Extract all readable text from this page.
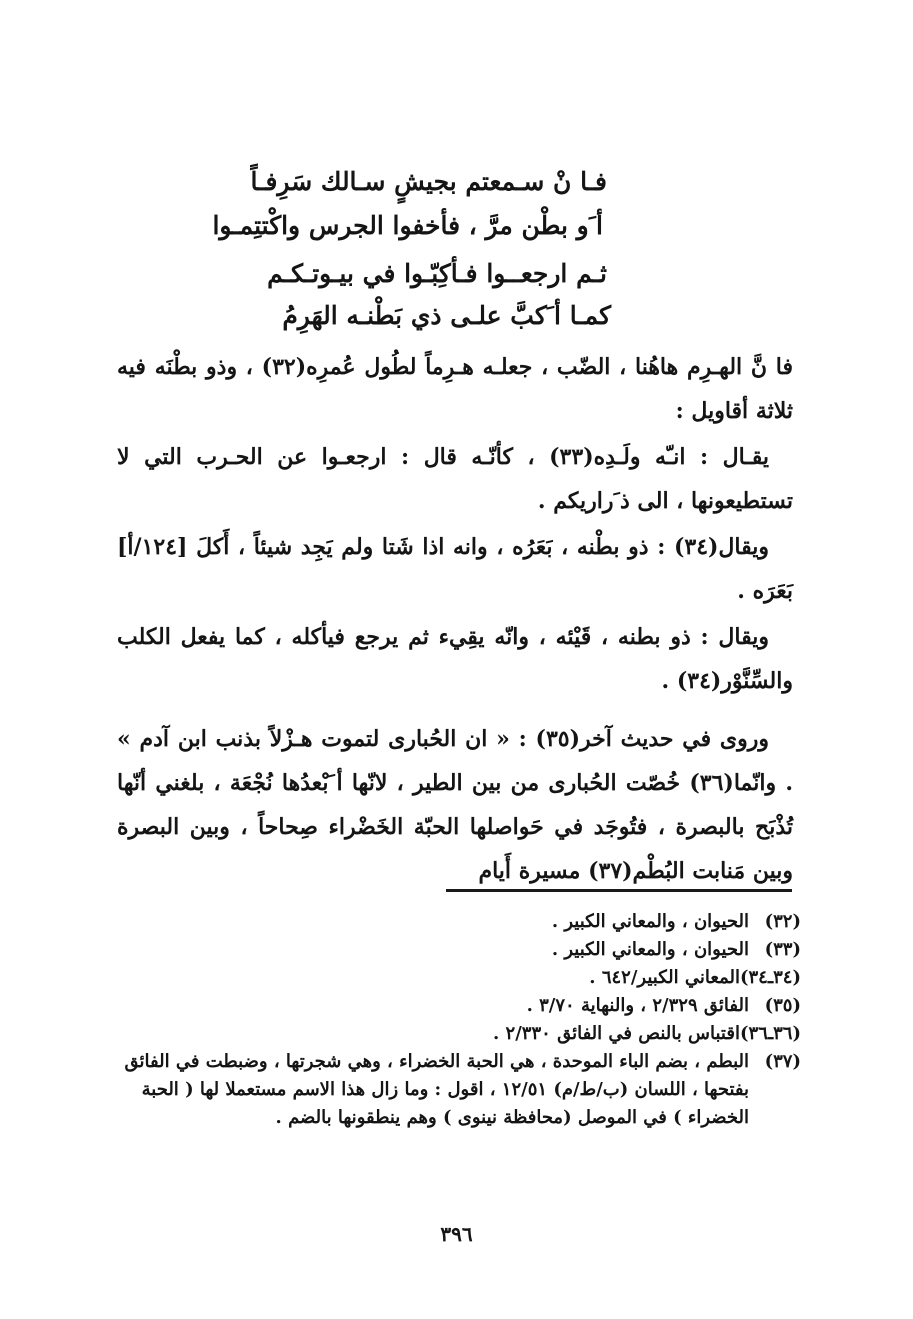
فـا نْ سـمعتم بجيشٍ سـالك سَرِفـاً
أ َو بطْن مرَّ ، فأخفوا الجرس واكْتتِمـوا
ثـم ارجعــوا فـأكِبّـوا في بيـوتـكـم
كمـا أ َكبَّ علـى ذي بَطْنـه الهَرِمُ

فا نَّ الهـرِم هاهُنا ، الضّب ، جعلـه هـرِماً لطُول عُمرِه(٣٢) ، وذو بطْنَه فيه ثلاثة أقاويل :

يقـال : انـّه ولَـدِه(٣٣) ، كأنّـه قال : ارجعـوا عن الحـرب التي لا تستطيعونها ، الى ذ َراريكم .

ويقال(٣٤) : ذو بطْنه ، بَعَرُه ، وانه اذا شَتا ولم يَجِد شيئاً ، أَكلَ [١٢٤/أ] بَعَرَه .

ويقال : ذو بطنه ، قَيْئه ، وانّه يقِيء ثم يرجع فيأكله ، كما يفعل الكلب والسِّنَّوْر(٣٤) .

وروى في حديث آخر(٣٥) : « ان الحُبارى لتموت هـزْلاً بذنب ابن آدم » . وانّما(٣٦) خُصّت الحُبارى من بين الطير ، لانّها أ َبْعدُها نُجْعَة ، بلغني أنّها تُذْبَح بالبصرة ، فتُوجَد في حَواصلها الحبّة الخَضْراء صِحاحاً ، وبين البصرة وبين مَنابت البُطْم(٣٧) مسيرة أَيام

(٣٢)
الحيوان ، والمعاني الكبير .
(٣٣)
الحيوان ، والمعاني الكبير .
(٣٤ـ٣٤)
المعاني الكبير/٦٤٢ .
(٣٥)
الفائق ٢/٣٢٩ ، والنهاية ٣/٧٠ .
(٣٦ـ٣٦)
اقتباس بالنص في الفائق ٢/٣٣٠ .
(٣٧)
البطم ، بضم الباء الموحدة ، هي الحبة الخضراء ، وهي شجرتها ، وضبطت في الفائق بفتحها ، اللسان (ب/ط/م) ١٢/٥١ ، اقول : وما زال هذا الاسم مستعملا لها ( الحبة الخضراء ) في الموصل (محافظة نينوى ) وهم ينطقونها بالضم .
٣٩٦
